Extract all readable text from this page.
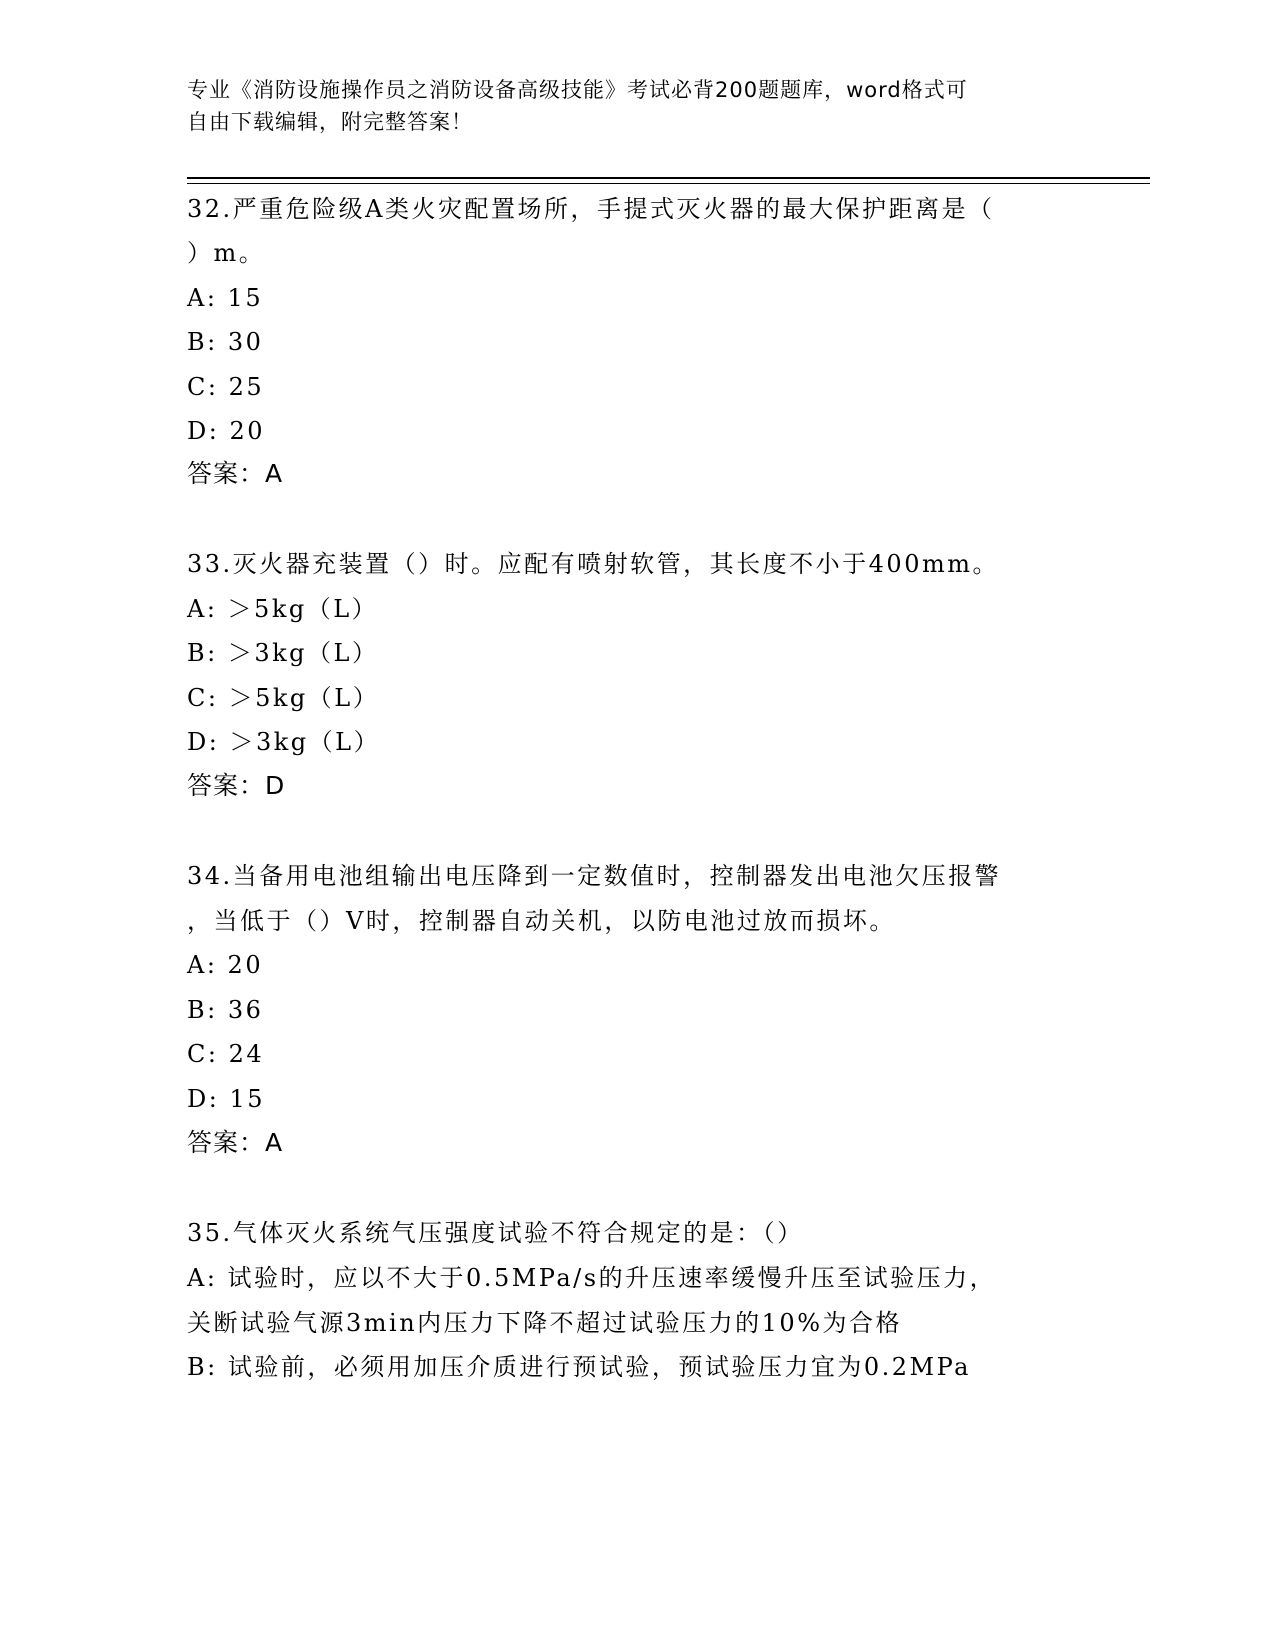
专业《消防设施操作员之消防设备高级技能》考试必背200题题库，word格式可
自由下载编辑，附完整答案！
32.严重危险级A类火灾配置场所，手提式灭火器的最大保护距离是（
）m。
A: 15
B: 30
C: 25
D: 20
答案：A
33.灭火器充装置（）时。应配有喷射软管，其长度不小于400mm。
A: ＞5kg（L）
B: ＞3kg（L）
C: ＞5kg（L）
D: ＞3kg（L）
答案：D
34.当备用电池组输出电压降到一定数值时，控制器发出电池欠压报警
，当低于（）V时，控制器自动关机，以防电池过放而损坏。
A: 20
B: 36
C: 24
D: 15
答案：A
35.气体灭火系统气压强度试验不符合规定的是：（）
A: 试验时，应以不大于0.5MPa/s的升压速率缓慢升压至试验压力，
关断试验气源3min内压力下降不超过试验压力的10%为合格
B: 试验前，必须用加压介质进行预试验，预试验压力宜为0.2MPa
